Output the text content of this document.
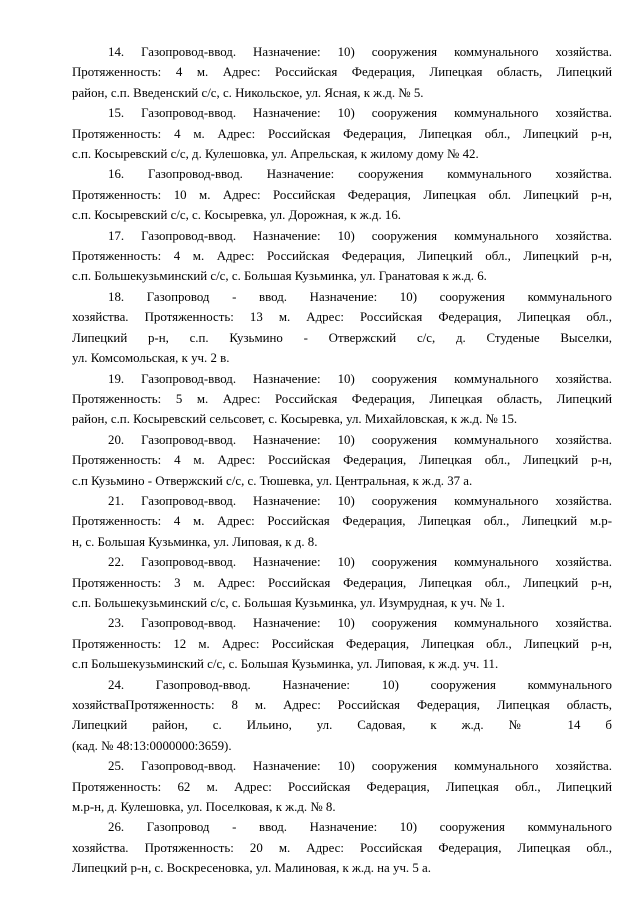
14. Газопровод-ввод. Назначение: 10) сооружения коммунального хозяйства.
Протяженность: 4 м. Адрес: Российская Федерация, Липецкая область, Липецкий
район, с.п. Введенский с/с, с. Никольское, ул. Ясная, к ж.д. № 5.

15. Газопровод-ввод. Назначение: 10) сооружения коммунального хозяйства.
Протяженность: 4 м. Адрес: Российская Федерация, Липецкая обл., Липецкий р-н,
с.п. Косыревский с/с, д. Кулешовка, ул. Апрельская, к жилому дому № 42.

16. Газопровод-ввод. Назначение: сооружения коммунального хозяйства.
Протяженность: 10 м. Адрес: Российская Федерация, Липецкая обл. Липецкий р-н,
с.п. Косыревский с/с, с. Косыревка, ул. Дорожная, к ж.д. 16.

17. Газопровод-ввод. Назначение: 10) сооружения коммунального хозяйства.
Протяженность: 4 м. Адрес: Российская Федерация, Липецкий обл., Липецкий р-н,
с.п. Большекузьминский с/с, с. Большая Кузьминка, ул. Гранатовая к ж.д. 6.

18. Газопровод - ввод. Назначение: 10) сооружения коммунального
хозяйства. Протяженность: 13 м. Адрес: Российская Федерация, Липецкая обл.,
Липецкий р-н, с.п. Кузьмино - Отвержский с/с, д. Студеные Выселки,
ул. Комсомольская, к уч. 2 в.

19. Газопровод-ввод. Назначение: 10) сооружения коммунального хозяйства.
Протяженность: 5 м. Адрес: Российская Федерация, Липецкая область, Липецкий
район, с.п. Косыревский сельсовет, с. Косыревка, ул. Михайловская, к ж.д. № 15.

20. Газопровод-ввод. Назначение: 10) сооружения коммунального хозяйства.
Протяженность: 4 м. Адрес: Российская Федерация, Липецкая обл., Липецкий р-н,
с.п Кузьмино - Отвержский с/с, с. Тюшевка, ул. Центральная, к ж.д. 37 а.

21. Газопровод-ввод. Назначение: 10) сооружения коммунального хозяйства.
Протяженность: 4 м. Адрес: Российская Федерация, Липецкая обл., Липецкий м.р-
н, с. Большая Кузьминка, ул. Липовая, к д. 8.

22. Газопровод-ввод. Назначение: 10) сооружения коммунального хозяйства.
Протяженность: 3 м. Адрес: Российская Федерация, Липецкая обл., Липецкий р-н,
с.п. Большекузьминский с/с, с. Большая Кузьминка, ул. Изумрудная, к уч. № 1.

23. Газопровод-ввод. Назначение: 10) сооружения коммунального хозяйства.
Протяженность: 12 м. Адрес: Российская Федерация, Липецкая обл., Липецкий р-н,
с.п Большекузьминский с/с, с. Большая Кузьминка, ул. Липовая, к ж.д. уч. 11.

24. Газопровод-ввод. Назначение: 10) сооружения коммунального
хозяйстваПротяженность: 8 м. Адрес: Российская Федерация, Липецкая область,
Липецкий район, с. Ильино, ул. Садовая, к ж.д. № 14 б
(кад. № 48:13:0000000:3659).

25. Газопровод-ввод. Назначение: 10) сооружения коммунального хозяйства.
Протяженность: 62 м. Адрес: Российская Федерация, Липецкая обл., Липецкий
м.р-н, д. Кулешовка, ул. Поселковая, к ж.д. № 8.

26. Газопровод - ввод. Назначение: 10) сооружения коммунального
хозяйства. Протяженность: 20 м. Адрес: Российская Федерация, Липецкая обл.,
Липецкий р-н, с. Воскресеновка, ул. Малиновая, к ж.д. на уч. 5 а.
